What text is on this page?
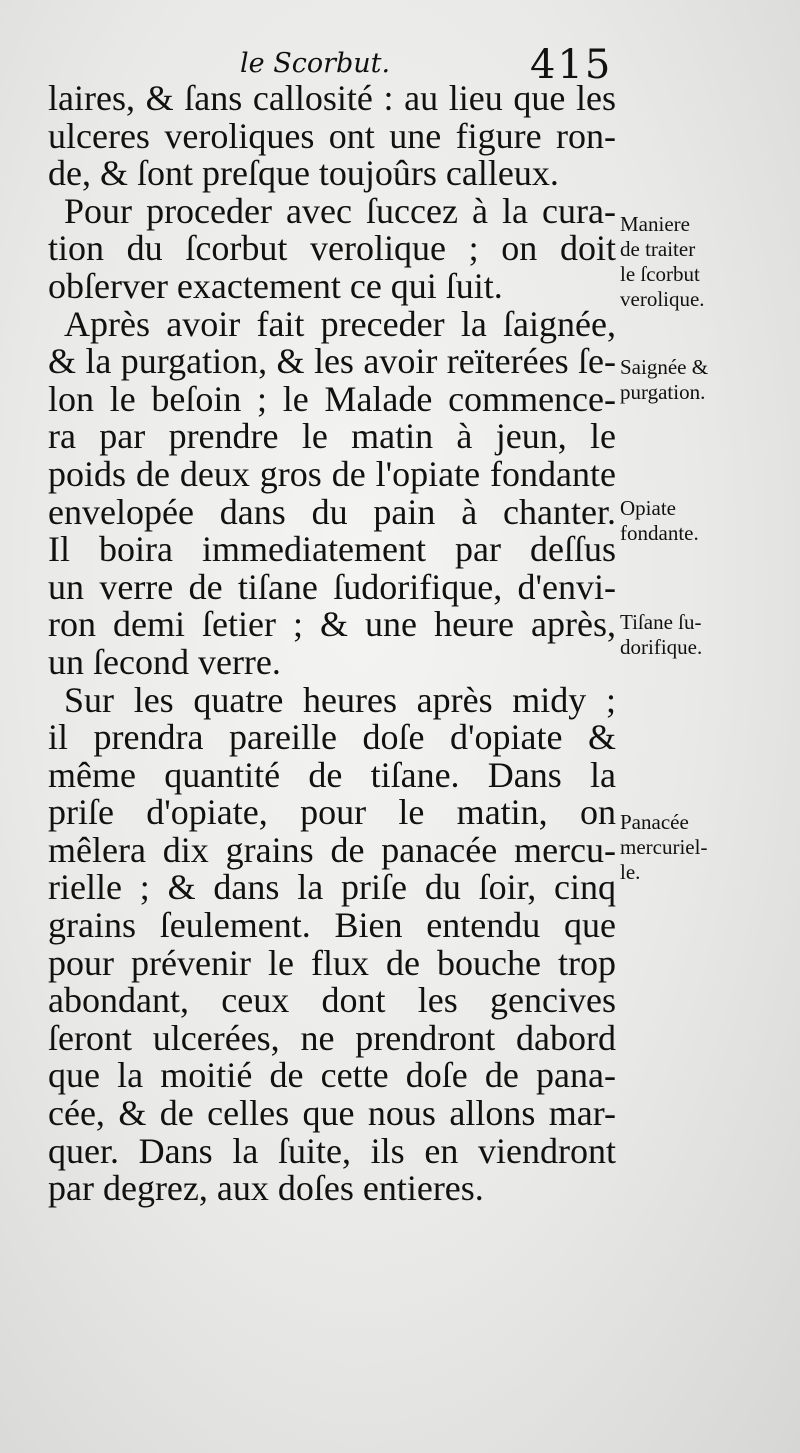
le Scorbut.	415
laires, & ſans callosité : au lieu que les
ulceres veroliques ont une figure ron-
de, & ſont preſque toujoûrs calleux.
Pour proceder avec ſuccez à la cura-
tion du ſcorbut verolique ; on doit
obſerver exactement ce qui ſuit.
Après avoir fait preceder la ſaignée,
& la purgation, & les avoir reïterées ſe-
lon le beſoin ; le Malade commence-
ra par prendre le matin à jeun, le
poids de deux gros de l'opiate fondante
envelopée dans du pain à chanter.
Il boira immediatement par deſſus
un verre de tiſane ſudorifique, d'envi-
ron demi ſetier ; & une heure après,
un ſecond verre.
Sur les quatre heures après midy ;
il prendra pareille doſe d'opiate &
même quantité de tiſane. Dans la
priſe d'opiate, pour le matin, on
mêlera dix grains de panacée mercu-
rielle ; & dans la priſe du ſoir, cinq
grains ſeulement. Bien entendu que
pour prévenir le flux de bouche trop
abondant, ceux dont les gencives
ſeront ulcerées, ne prendront dabord
que la moitié de cette doſe de pana-
cée, & de celles que nous allons mar-
quer. Dans la ſuite, ils en viendront
par degrez, aux doſes entieres.
Maniere
de traiter
le ſcorbut
verolique.
Saignée &
purgation.
Opiate
fondante.
Tiſane ſu-
dorifique.
Panacée
mercuriel-
le.
